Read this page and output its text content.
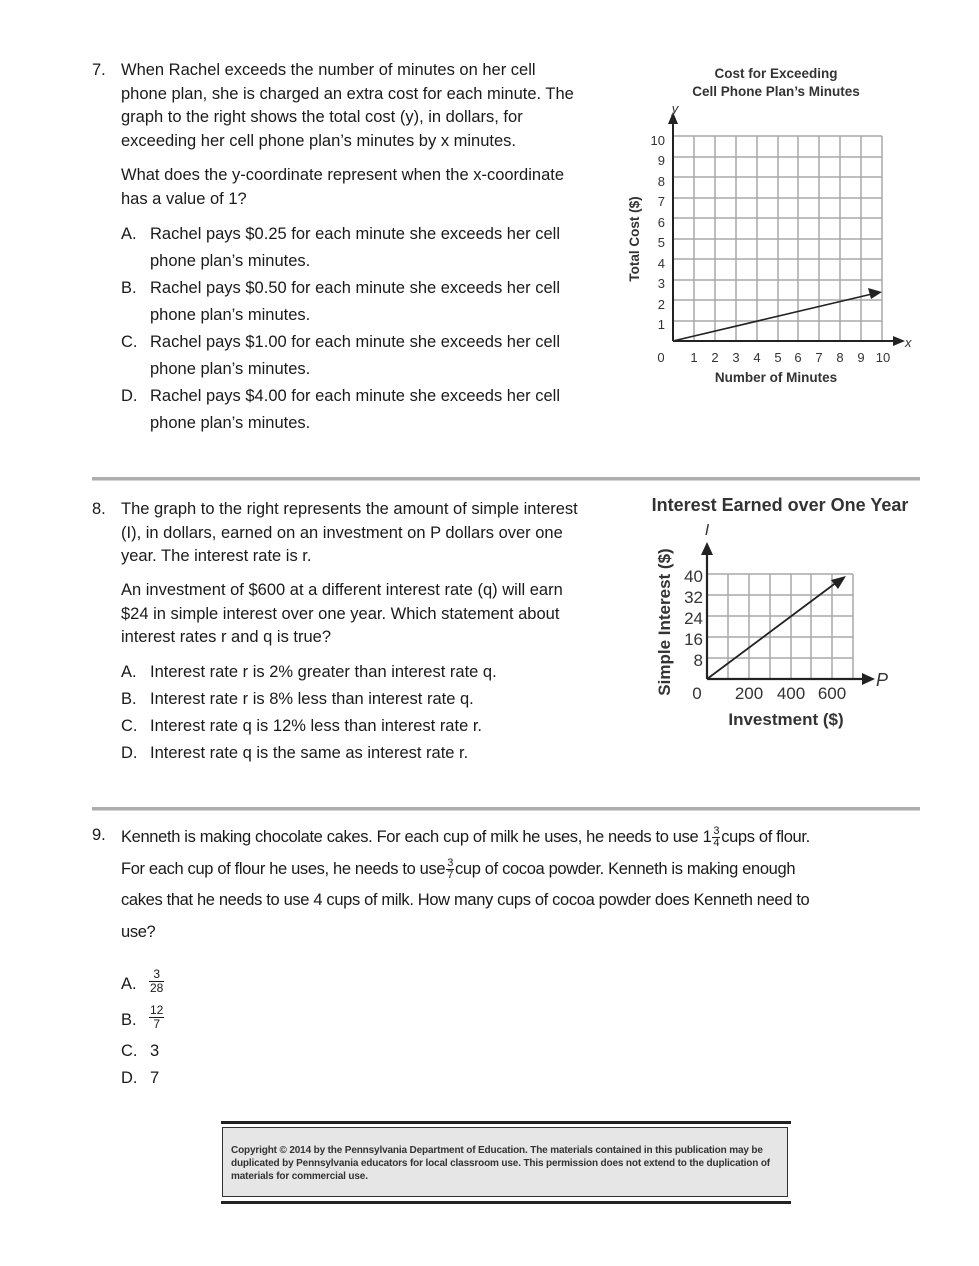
7. When Rachel exceeds the number of minutes on her cell
phone plan, she is charged an extra cost for each minute. The
graph to the right shows the total cost (y), in dollars, for
exceeding her cell phone plan’s minutes by x minutes.
What does the y-coordinate represent when the x-coordinate
has a value of 1?
A. Rachel pays $0.25 for each minute she exceeds her cell
phone plan’s minutes.
B. Rachel pays $0.50 for each minute she exceeds her cell
phone plan’s minutes.
C. Rachel pays $1.00 for each minute she exceeds her cell
phone plan’s minutes.
D. Rachel pays $4.00 for each minute she exceeds her cell
phone plan’s minutes.
Cost for Exceeding
Cell Phone Plan’s Minutes
y
x
10
9
8
7
6
5
4
3
2
1
0 1 2 3 4 5 6 7 8 9 10
Number of Minutes
Total Cost ($)
8. The graph to the right represents the amount of simple interest
(I), in dollars, earned on an investment on P dollars over one
year. The interest rate is r.
An investment of $600 at a different interest rate (q) will earn
$24 in simple interest over one year. Which statement about
interest rates r and q is true?
A. Interest rate r is 2% greater than interest rate q.
B. Interest rate r is 8% less than interest rate q.
C. Interest rate q is 12% less than interest rate r.
D. Interest rate q is the same as interest rate r.
Interest Earned over One Year
I
P
40
32
24
16
8
0 200 400 600
Investment ($)
Simple Interest ($)
9. Kenneth is making chocolate cakes. For each cup of milk he uses, he needs to use $1 \frac{3}{4}$ cups of flour.
For each cup of flour he uses, he needs to use $\frac{3}{7}$ cup of cocoa powder. Kenneth is making enough
cakes that he needs to use 4 cups of milk. How many cups of cocoa powder does Kenneth need to
use?
A.	$\frac{3}{28}$
B.	$\frac{12}{7}$
C. 3
D. 7
Copyright © 2014 by the Pennsylvania Department of Education. The materials contained in this publication may be duplicated by Pennsylvania educators for local classroom use. This permission does not extend to the duplication of materials for commercial use.
